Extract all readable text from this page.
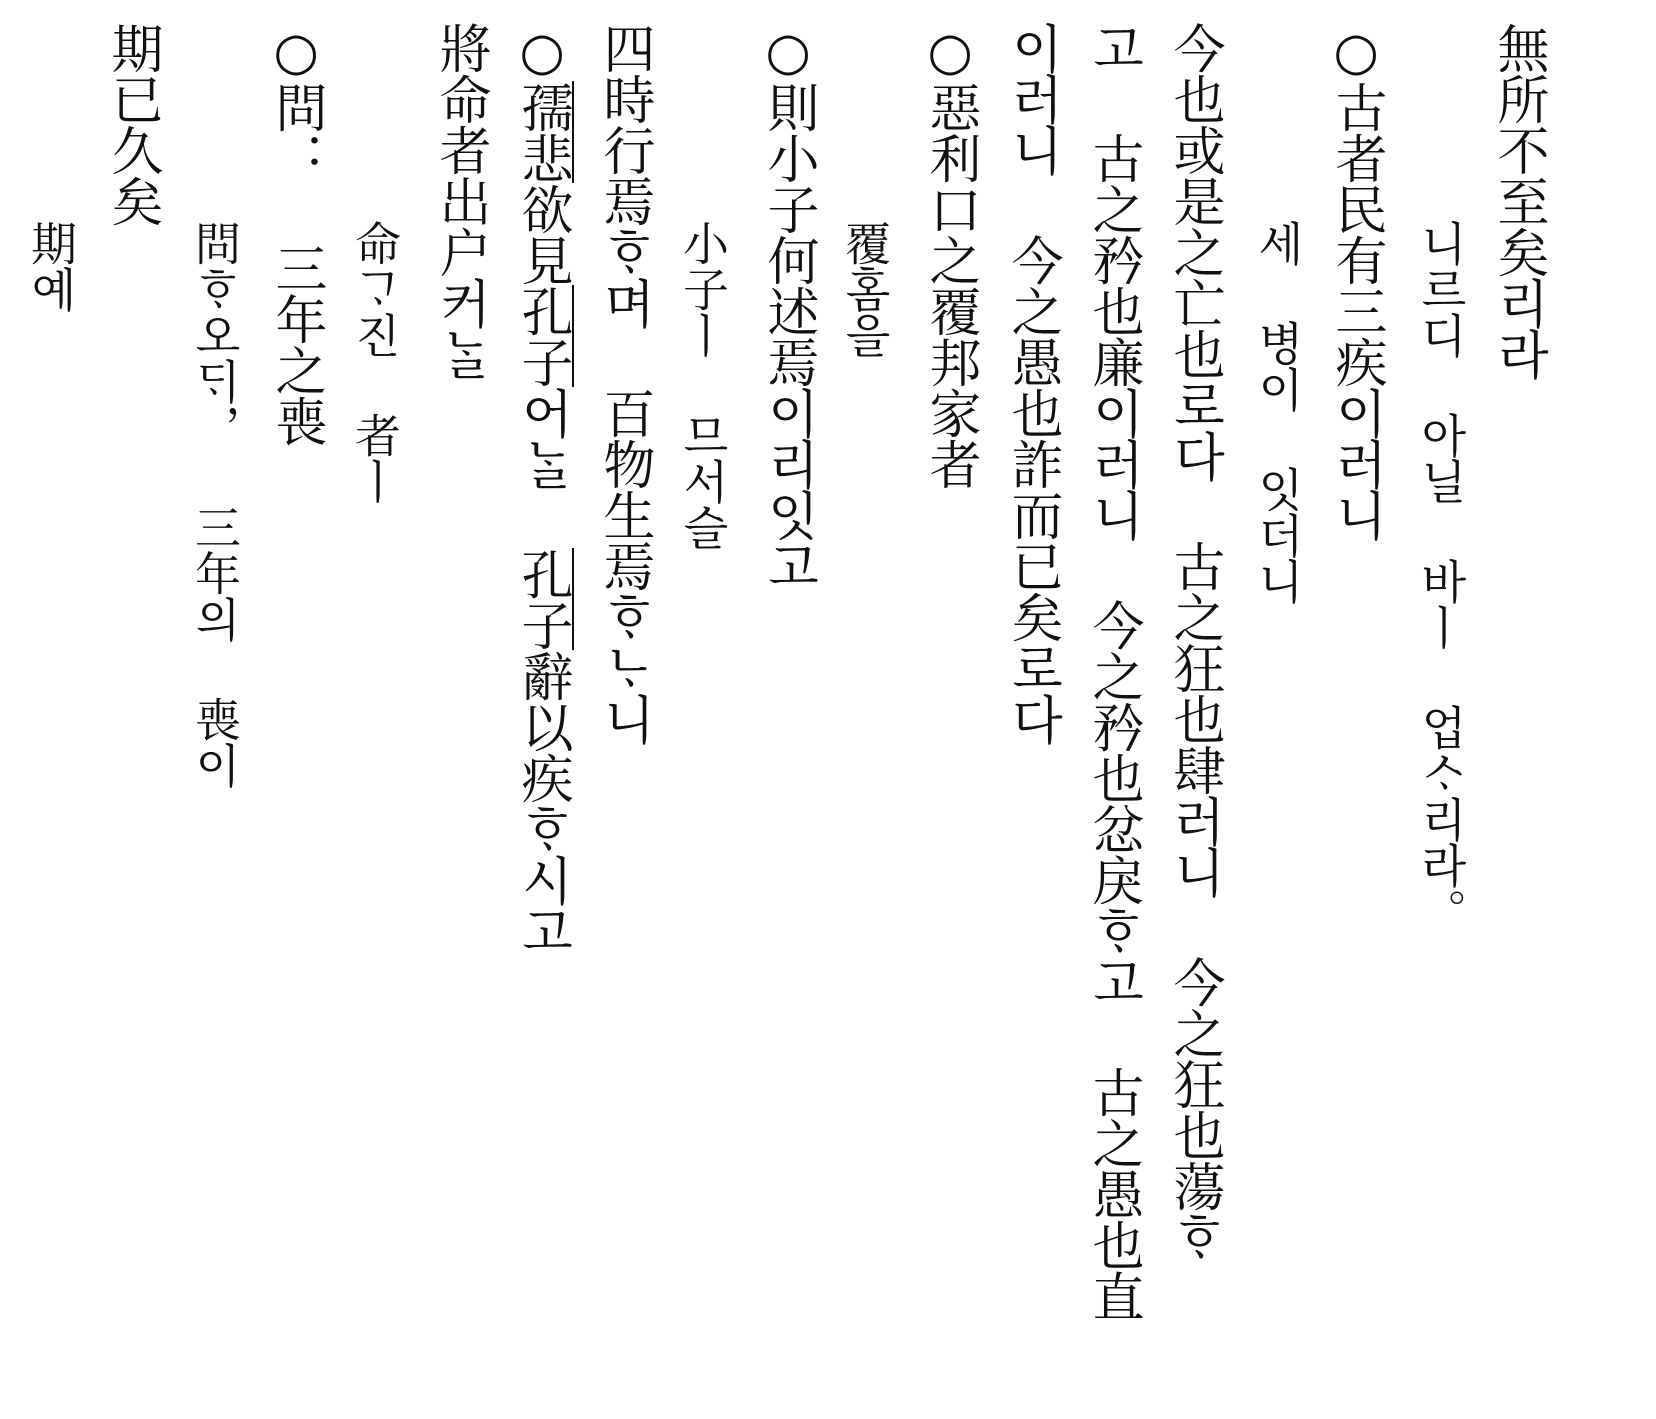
無所不至矣리라
니르디 아닐 바ㅣ 업ᄉᆞ리라。
○古者民有三疾이러니
세 병이 잇더니
今也或是之亡也로다 古之狂也肆러니 今之狂也蕩ᄒᆞ
고 古之矜也廉이러니 今之矜也忿戾ᄒᆞ고 古之愚也直
이러니 今之愚也詐而已矣로다
○惡利口之覆邦家者
覆홈을
○則小子何述焉이리잇고
小子ㅣ 므서슬
四時行焉ᄒᆞ며 百物生焉ᄒᆞᄂᆞ니
○孺悲欲見孔子어ᄂᆞᆯ 孔子辭以疾ᄒᆞ시고
將命者出户커ᄂᆞᆯ
命ᄀᆞ진 者ㅣ
○問： 三年之喪
問ᄒᆞ오ᄃᆡ， 三年의 喪이
期已久矣
期예
